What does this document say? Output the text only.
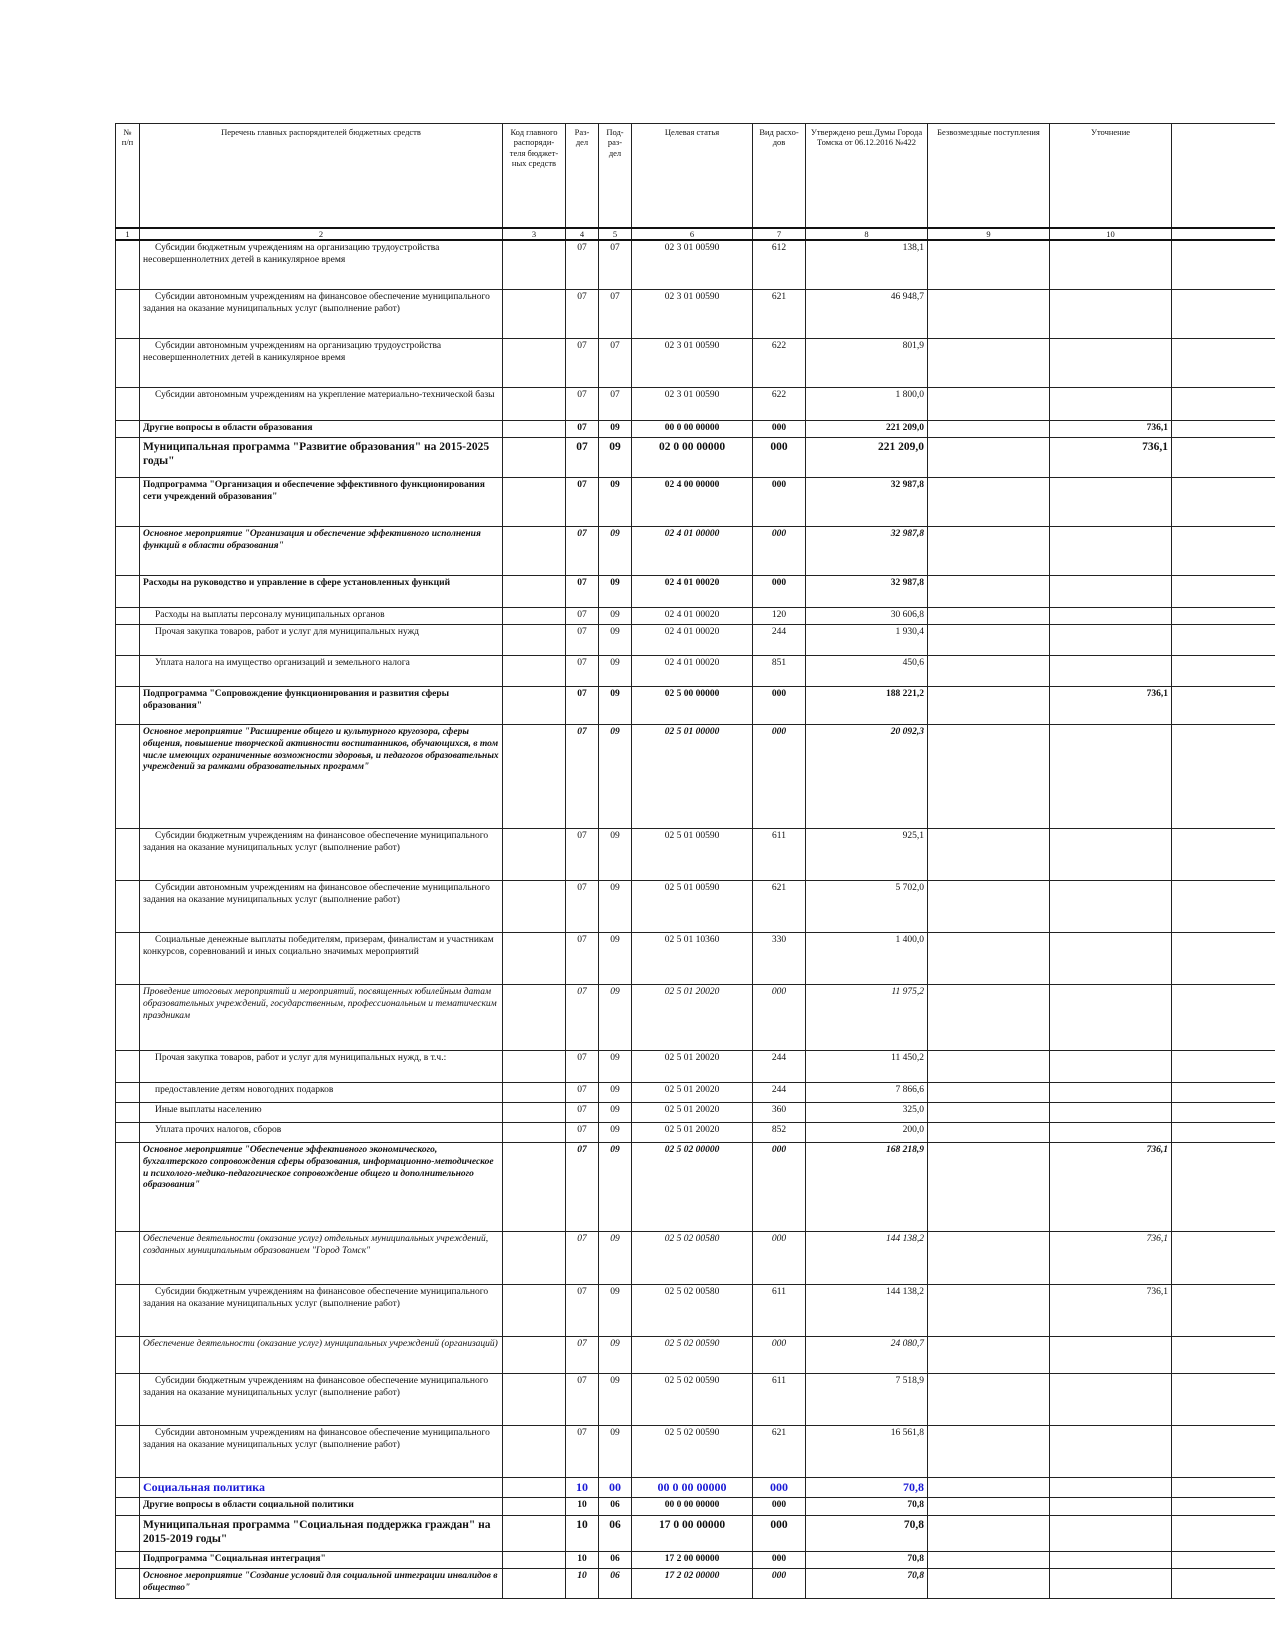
№ п/п	Перечень главных распорядителей бюджетных средств	Код главного распоряди-теля бюджет-ных средств	Раз-дел	Под-раз-дел	Целевая статья	Вид расхо-дов	Утверждено реш.Думы Города Томска от 06.12.2016 №422	Безвозмездные поступления	Уточнение	
1	2	3	4	5	6	7	8	9	10	
	Субсидии бюджетным учреждениям на организацию трудоустройства несовершеннолетних детей в каникулярное время		07	07	02 3 01 00590	612	138,1			
	Субсидии автономным учреждениям на финансовое обеспечение муниципального задания на оказание муниципальных услуг (выполнение работ)		07	07	02 3 01 00590	621	46 948,7			
	Субсидии автономным учреждениям на организацию трудоустройства несовершеннолетних детей в каникулярное время		07	07	02 3 01 00590	622	801,9			
	Субсидии автономным учреждениям на укрепление материально-технической базы		07	07	02 3 01 00590	622	1 800,0			
	Другие вопросы в области образования		07	09	00 0 00 00000	000	221 209,0		736,1	
	Муниципальная программа "Развитие образования" на 2015-2025 годы"		07	09	02 0 00 00000	000	221 209,0		736,1	
	Подпрограмма "Организация и обеспечение эффективного функционирования сети учреждений образования"		07	09	02 4 00 00000	000	32 987,8			
	Основное мероприятие "Организация и обеспечение эффективного исполнения функций в области образования"		07	09	02 4 01 00000	000	32 987,8			
	Расходы на руководство и управление в сфере установленных функций		07	09	02 4 01 00020	000	32 987,8			
	Расходы на выплаты персоналу муниципальных органов		07	09	02 4 01 00020	120	30 606,8			
	Прочая закупка товаров, работ и услуг для муниципальных нужд		07	09	02 4 01 00020	244	1 930,4			
	Уплата налога на имущество организаций и земельного налога		07	09	02 4 01 00020	851	450,6			
	Подпрограмма "Сопровождение функционирования и развития сферы образования"		07	09	02 5 00 00000	000	188 221,2		736,1	
	Основное мероприятие "Расширение общего и культурного кругозора, сферы общения, повышение творческой активности воспитанников, обучающихся, в том числе имеющих ограниченные возможности здоровья, и педагогов образовательных учреждений за рамками образовательных программ"		07	09	02 5 01 00000	000	20 092,3			
	Субсидии бюджетным учреждениям на финансовое обеспечение муниципального задания на оказание муниципальных услуг (выполнение работ)		07	09	02 5 01 00590	611	925,1			
	Субсидии автономным учреждениям на финансовое обеспечение муниципального задания на оказание муниципальных услуг (выполнение работ)		07	09	02 5 01 00590	621	5 702,0			
	Социальные денежные выплаты победителям, призерам, финалистам и участникам конкурсов, соревнований и иных социально значимых мероприятий		07	09	02 5 01 10360	330	1 400,0			
	Проведение итоговых мероприятий и мероприятий, посвященных юбилейным датам образовательных учреждений, государственным, профессиональным и тематическим праздникам		07	09	02 5 01 20020	000	11 975,2			
	Прочая закупка товаров, работ и услуг для муниципальных нужд, в т.ч.:		07	09	02 5 01 20020	244	11 450,2			
	предоставление детям новогодних подарков		07	09	02 5 01 20020	244	7 866,6			
	Иные выплаты населению		07	09	02 5 01 20020	360	325,0			
	Уплата прочих налогов, сборов		07	09	02 5 01 20020	852	200,0			
	Основное мероприятие "Обеспечение эффективного экономического, бухгалтерского сопровождения сферы образования, информационно-методическое и психолого-медико-педагогическое сопровождение общего и дополнительного образования"		07	09	02 5 02 00000	000	168 218,9		736,1	
	Обеспечение деятельности (оказание услуг) отдельных муниципальных учреждений, созданных муниципальным образованием "Город Томск"		07	09	02 5 02 00580	000	144 138,2		736,1	
	Субсидии бюджетным учреждениям на финансовое обеспечение муниципального задания на оказание муниципальных услуг (выполнение работ)		07	09	02 5 02 00580	611	144 138,2		736,1	
	Обеспечение деятельности (оказание услуг) муниципальных учреждений (организаций)		07	09	02 5 02 00590	000	24 080,7			
	Субсидии бюджетным учреждениям на финансовое обеспечение муниципального задания на оказание муниципальных услуг (выполнение работ)		07	09	02 5 02 00590	611	7 518,9			
	Субсидии автономным учреждениям на финансовое обеспечение муниципального задания на оказание муниципальных услуг (выполнение работ)		07	09	02 5 02 00590	621	16 561,8			
	Социальная политика		10	00	00 0 00 00000	000	70,8			
	Другие вопросы в области социальной политики		10	06	00 0 00 00000	000	70,8			
	Муниципальная программа "Социальная поддержка граждан" на 2015-2019 годы"		10	06	17 0 00 00000	000	70,8			
	Подпрограмма "Социальная интеграция"		10	06	17 2 00 00000	000	70,8			
	Основное мероприятие "Создание условий для социальной интеграции инвалидов в общество"		10	06	17 2 02 00000	000	70,8			
